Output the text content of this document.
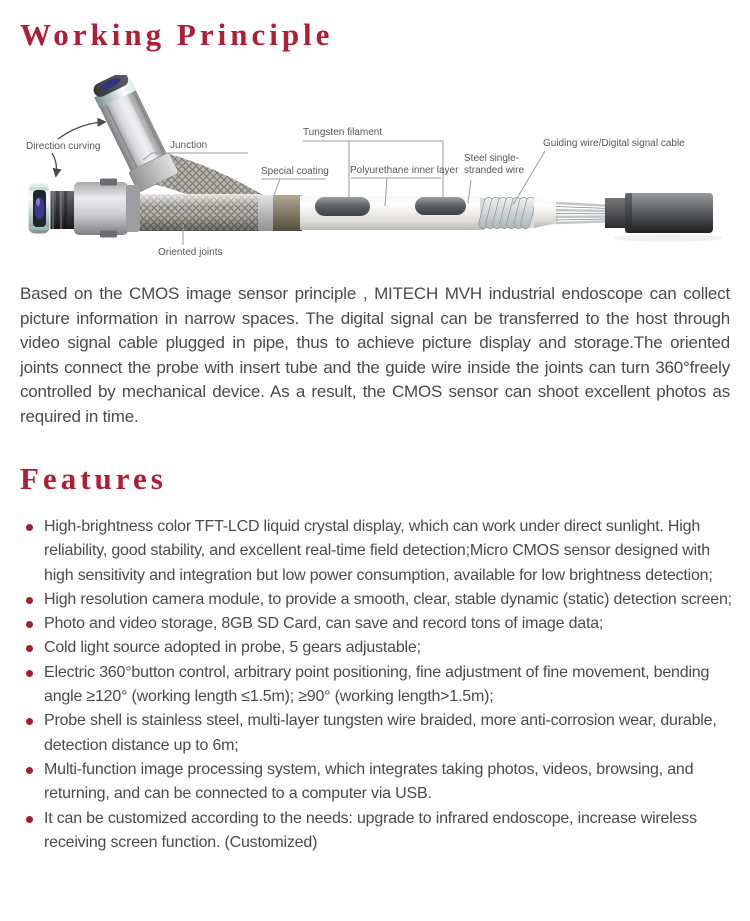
Working Principle
Direction curving	Junction
Tungsten filament
Special coating Polyurethane inner layer
Steel single-stranded wire
Guiding wire/Digital signal cable
Oriented joints

Based on the CMOS image sensor principle , MITECH MVH industrial endoscope can collect picture information in narrow spaces. The digital signal can be transferred to the host through video signal cable plugged in pipe, thus to achieve picture display and storage.The oriented joints connect the probe with insert tube and the guide wire inside the joints can turn 360°freely controlled by mechanical device. As a result, the CMOS sensor can shoot excellent photos as required in time.

Features
High-brightness color TFT-LCD liquid crystal display, which can work under direct sunlight. High reliability, good stability, and excellent real-time field detection;Micro CMOS sensor designed with high sensitivity and integration but low power consumption, available for low brightness detection;
High resolution camera module, to provide a smooth, clear, stable dynamic (static) detection screen;
Photo and video storage, 8GB SD Card, can save and record tons of image data;
Cold light source adopted in probe, 5 gears adjustable;
Electric 360°button control, arbitrary point positioning, fine adjustment of fine movement, bending angle ≥120° (working length ≤1.5m); ≥90° (working length>1.5m);
Probe shell is stainless steel, multi-layer tungsten wire braided, more anti-corrosion wear, durable, detection distance up to 6m;
Multi-function image processing system, which integrates taking photos, videos, browsing, and returning, and can be connected to a computer via USB.
It can be customized according to the needs: upgrade to infrared endoscope, increase wireless receiving screen function. (Customized)
